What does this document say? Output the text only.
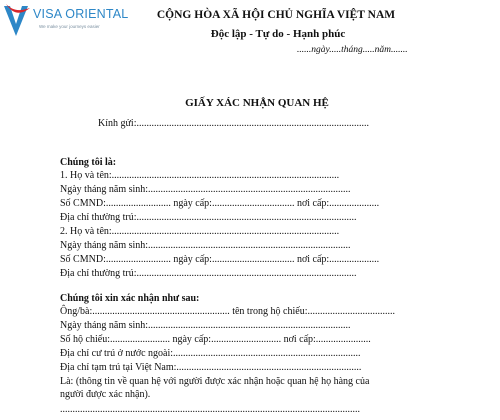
VISA ORIENTAL
We make your journeys easier
CỘNG HÒA XÃ HỘI CHỦ NGHĨA VIỆT NAM
Độc lập - Tự do - Hạnh phúc
......ngày.....tháng.....năm.......
GIẤY XÁC NHẬN QUAN HỆ
Kính gửi:.............................................................................................
Chúng tôi là:
1. Họ và tên:...........................................................................................
Ngày tháng năm sinh:.................................................................................
Số CMND:.......................... ngày cấp:................................. nơi cấp:....................
Địa chỉ thường trú:........................................................................................
2. Họ và tên:...........................................................................................
Ngày tháng năm sinh:.................................................................................
Số CMND:.......................... ngày cấp:................................. nơi cấp:....................
Địa chỉ thường trú:........................................................................................
Chúng tôi xin xác nhận như sau:
Ông/bà:....................................................... tên trong hộ chiếu:...................................
Ngày tháng năm sinh:.................................................................................
Số hộ chiếu:........................ ngày cấp:............................ nơi cấp:......................
Địa chỉ cư trú ở nước ngoài:...........................................................................
Địa chỉ tạm trú tại Việt Nam:..........................................................................
Là: (thông tin về quan hệ với người được xác nhận hoặc quan hệ họ hàng của
người được xác nhận).
........................................................................................................................
